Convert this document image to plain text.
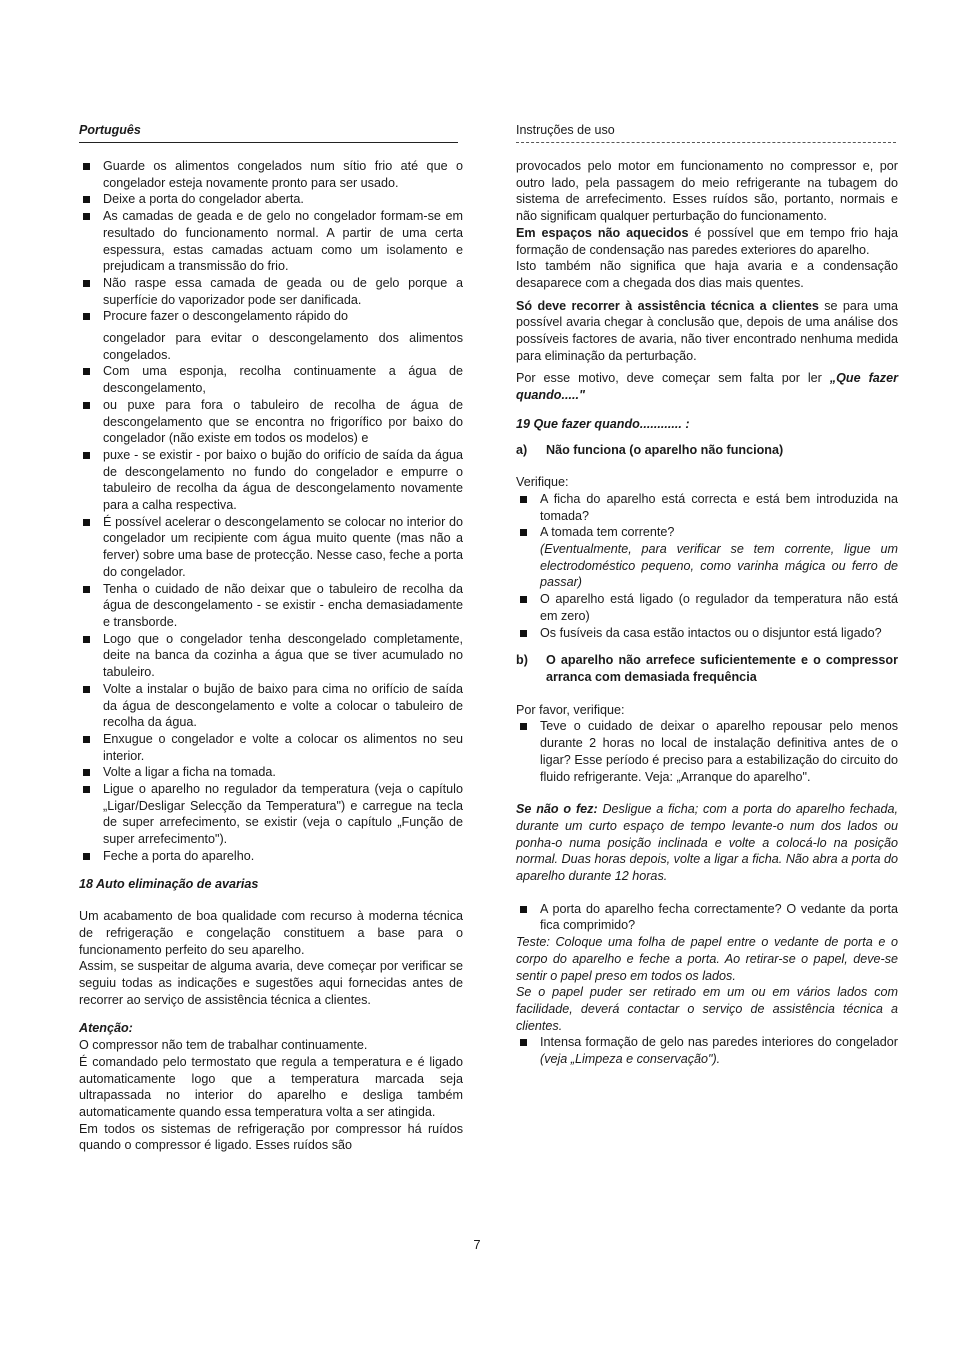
Português	Instruções de uso
Guarde os alimentos congelados num sítio frio até que o congelador esteja novamente pronto para ser usado.
Deixe a porta do congelador aberta.
As camadas de geada e de gelo no congelador formam-se em resultado do funcionamento normal. A partir de uma certa espessura, estas camadas actuam como um isolamento e prejudicam a transmissão do frio.
Não raspe essa camada de geada ou de gelo porque a superfície do vaporizador pode ser danificada.
Procure fazer o descongelamento rápido do

congelador para evitar o descongelamento dos alimentos congelados.

Com uma esponja, recolha continuamente a água de descongelamento,
ou puxe para fora o tabuleiro de recolha de água de descongelamento que se encontra no frigorífico por baixo do congelador (não existe em todos os modelos) e
puxe - se existir - por baixo o bujão do orifício de saída da água de descongelamento no fundo do congelador e empurre o tabuleiro de recolha da água de descongelamento novamente para a calha respectiva.
É possível acelerar o descongelamento se colocar no interior do congelador um recipiente com água muito quente (mas não a ferver) sobre uma base de protecção. Nesse caso, feche a porta do congelador.
Tenha o cuidado de não deixar que o tabuleiro de recolha da água de descongelamento - se existir - encha demasiadamente e transborde.
Logo que o congelador tenha descongelado completamente, deite na banca da cozinha a água que se tiver acumulado no tabuleiro.
Volte a instalar o bujão de baixo para cima no orifício de saída da água de descongelamento e volte a colocar o tabuleiro de recolha da água.
Enxugue o congelador e volte a colocar os alimentos no seu interior.
Volte a ligar a ficha na tomada.
Ligue o aparelho no regulador da temperatura (veja o capítulo „Ligar/Desligar Selecção da Temperatura") e carregue na tecla de super arrefecimento, se existir (veja o capítulo „Função de super arrefecimento").
Feche a porta do aparelho.

18 Auto eliminação de avarias

Um acabamento de boa qualidade com recurso à moderna técnica de refrigeração e congelação constituem a base para o funcionamento perfeito do seu aparelho.

Assim, se suspeitar de alguma avaria, deve começar por verificar se seguiu todas as indicações e sugestões aqui fornecidas antes de recorrer ao serviço de assistência técnica a clientes.

Atenção:

O compressor não tem de trabalhar continuamente.

É comandado pelo termostato que regula a temperatura e é ligado automaticamente logo que a temperatura marcada seja ultrapassada no interior do aparelho e desliga também automaticamente quando essa temperatura volta a ser atingida.

Em todos os sistemas de refrigeração por compressor há ruídos quando o compressor é ligado. Esses ruídos são

provocados pelo motor em funcionamento no compressor e, por outro lado, pela passagem do meio refrigerante na tubagem do sistema de arrefecimento. Esses ruídos são, portanto, normais e não significam qualquer perturbação do funcionamento.

Em espaços não aquecidos é possível que em tempo frio haja formação de condensação nas paredes exteriores do aparelho.

Isto também não significa que haja avaria e a condensação desaparece com a chegada dos dias mais quentes.

Só deve recorrer à assistência técnica a clientes se para uma possível avaria chegar à conclusão que, depois de uma análise dos possíveis factores de avaria, não tiver encontrado nenhuma medida para eliminação da perturbação.

Por esse motivo, deve começar sem falta por ler „Que fazer quando....."

19 Que fazer quando............ :

a)	Não funciona (o aparelho não funciona)

Verifique:

A ficha do aparelho está correcta e está bem introduzida na tomada?
A tomada tem corrente?
(Eventualmente, para verificar se tem corrente, ligue um electrodoméstico pequeno, como varinha mágica ou ferro de passar)
O aparelho está ligado (o regulador da temperatura não está em zero)
Os fusíveis da casa estão intactos ou o disjuntor está ligado?

b)	O aparelho não arrefece suficientemente e o compressor arranca com demasiada frequência

Por favor, verifique:

Teve o cuidado de deixar o aparelho repousar pelo menos durante 2 horas no local de instalação definitiva antes de o ligar? Esse período é preciso para a estabilização do circuito do fluido refrigerante. Veja: „Arranque do aparelho".

Se não o fez: Desligue a ficha; com a porta do aparelho fechada, durante um curto espaço de tempo levante-o num dos lados ou ponha-o numa posição inclinada e volte a colocá-lo na posição normal. Duas horas depois, volte a ligar a ficha. Não abra a porta do aparelho durante 12 horas.

A porta do aparelho fecha correctamente? O vedante da porta fica comprimido?

Teste: Coloque uma folha de papel entre o vedante de porta e o corpo do aparelho e feche a porta. Ao retirar-se o papel, deve-se sentir o papel preso em todos os lados.

Se o papel puder ser retirado em um ou em vários lados com facilidade, deverá contactar o serviço de assistência técnica a clientes.

Intensa formação de gelo nas paredes interiores do congelador (veja „Limpeza e conservação").
7
